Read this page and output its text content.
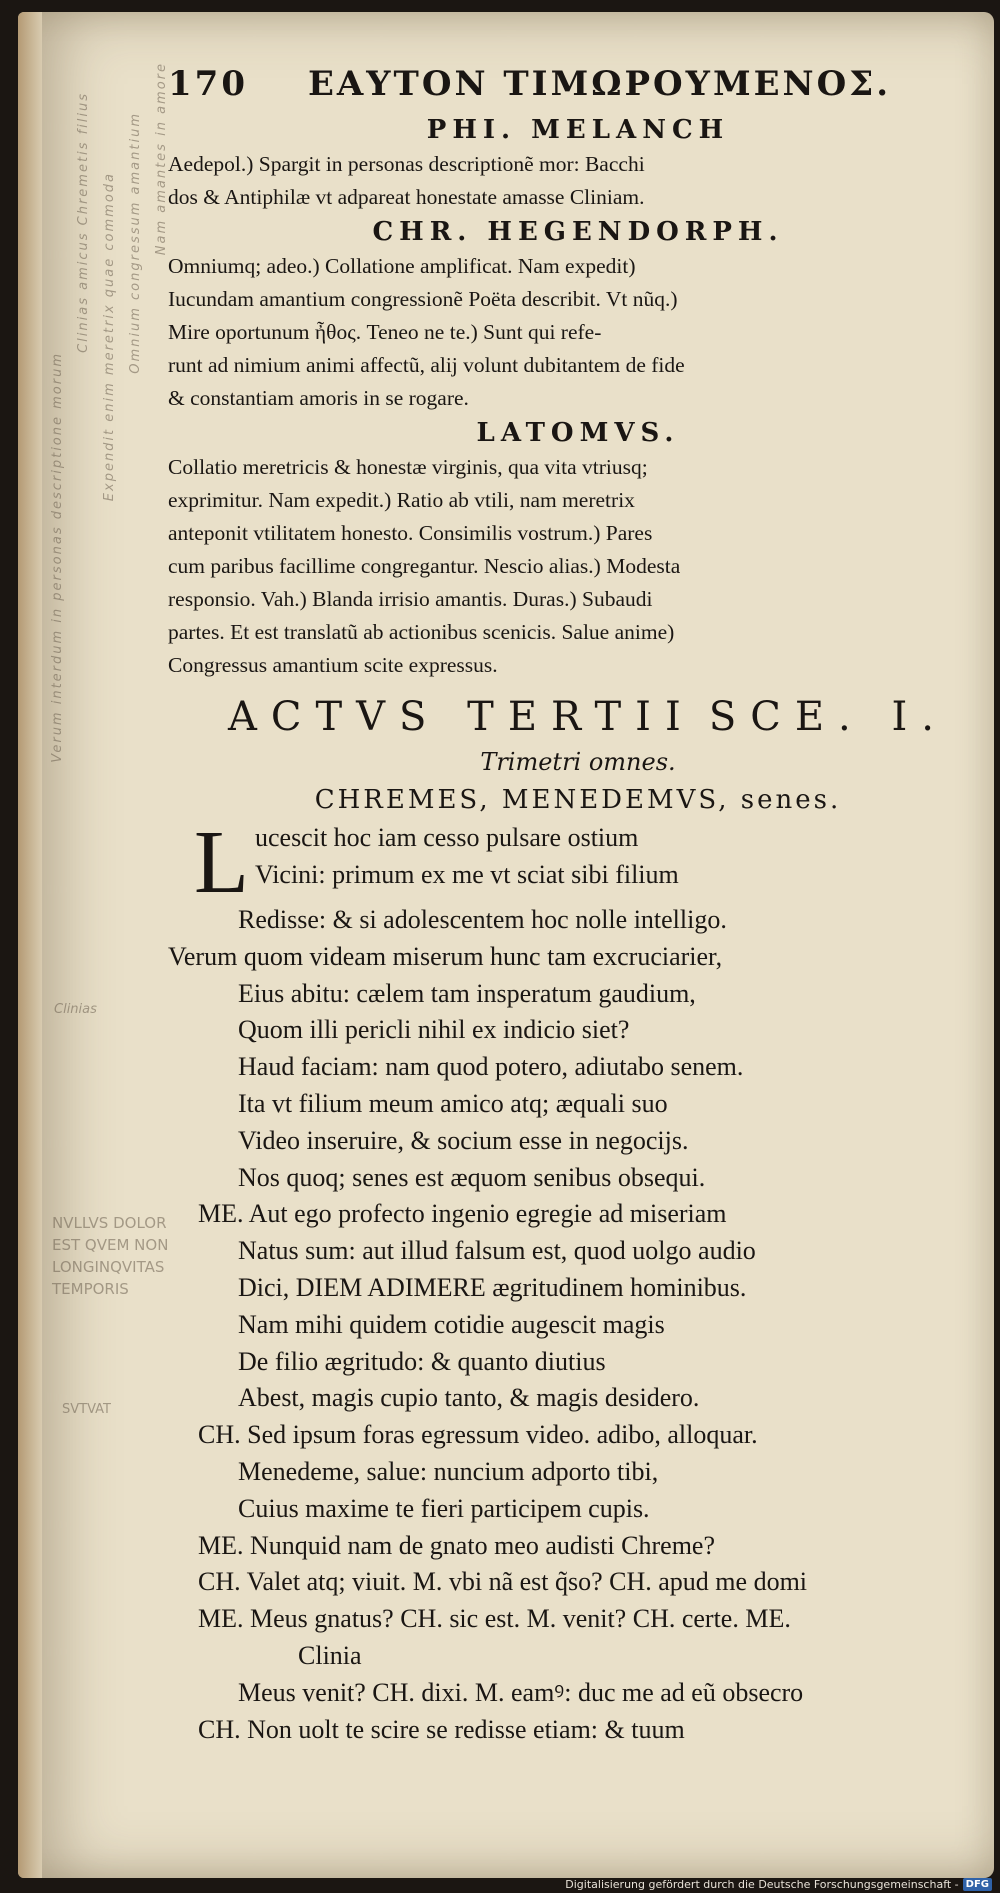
Verum interdum in personas descriptione morum
Clinias amicus Chremetis filius Expendit enim meretrix quae commoda Omnium congressum amantium Nam amantes in amore
NVLLVS DOLOR EST QVEM NON LONGINQVITAS TEMPORIS
Clinias
SVTVAT
170 ΕΑΥΤΟΝ ΤΙΜΩΡΟΥΜΕΝΟΣ.
PHI. MELANCH
Aedepol.) Spargit in personas descriptionẽ mor: Bacchi
dos & Antiphilæ vt adpareat honestate amasse Cliniam.
CHR. HEGENDORPH.
Omniumq; adeo.) Collatione amplificat. Nam expedit)
Iucundam amantium congressionẽ Poëta describit. Vt nũq.)
Mire oportunum ἦθος. Teneo ne te.) Sunt qui refe-
runt ad nimium animi affectũ, alij volunt dubitantem de fide
& constantiam amoris in se rogare.
LATOMVS.
Collatio meretricis & honestæ virginis, qua vita vtriusq;
exprimitur. Nam expedit.) Ratio ab vtili, nam meretrix
anteponit vtilitatem honesto. Consimilis vostrum.) Pares
cum paribus facillime congregantur. Nescio alias.) Modesta
responsio. Vah.) Blanda irrisio amantis. Duras.) Subaudi
partes. Et est translatũ ab actionibus scenicis. Salue anime)
Congressus amantium scite expressus.
ACTVS TERTII SCE. I.
Trimetri omnes.
CHREMES, MENEDEMVS, senes.
L ucescit hoc iam cesso pulsare ostium
Vicini: primum ex me vt sciat sibi filium
Redisse: & si adolescentem hoc nolle intelligo.
Verum quom videam miserum hunc tam excruciarier,
Eius abitu: cælem tam insperatum gaudium,
Quom illi pericli nihil ex indicio siet?
Haud faciam: nam quod potero, adiutabo senem.
Ita vt filium meum amico atq; æquali suo
Video inseruire, & socium esse in negocijs.
Nos quoq; senes est æquom senibus obsequi.
ME. Aut ego profecto ingenio egregie ad miseriam
Natus sum: aut illud falsum est, quod uolgo audio
Dici, DIEM ADIMERE ægritudinem hominibus.
Nam mihi quidem cotidie augescit magis
De filio ægritudo: & quanto diutius
Abest, magis cupio tanto, & magis desidero.
CH. Sed ipsum foras egressum video. adibo, alloquar.
Menedeme, salue: nuncium adporto tibi,
Cuius maxime te fieri participem cupis.
ME. Nunquid nam de gnato meo audisti Chreme?
CH. Valet atq; viuit. M. vbi nã est q̃so? CH. apud me domi
ME. Meus gnatus? CH. sic est. M. venit? CH. certe. ME.
Clinia
Meus venit? CH. dixi. M. eamꝰ: duc me ad eũ obsecro
CH. Non uolt te scire se redisse etiam: & tuum
Digitalisierung gefördert durch die Deutsche Forschungsgemeinschaft - DFG
